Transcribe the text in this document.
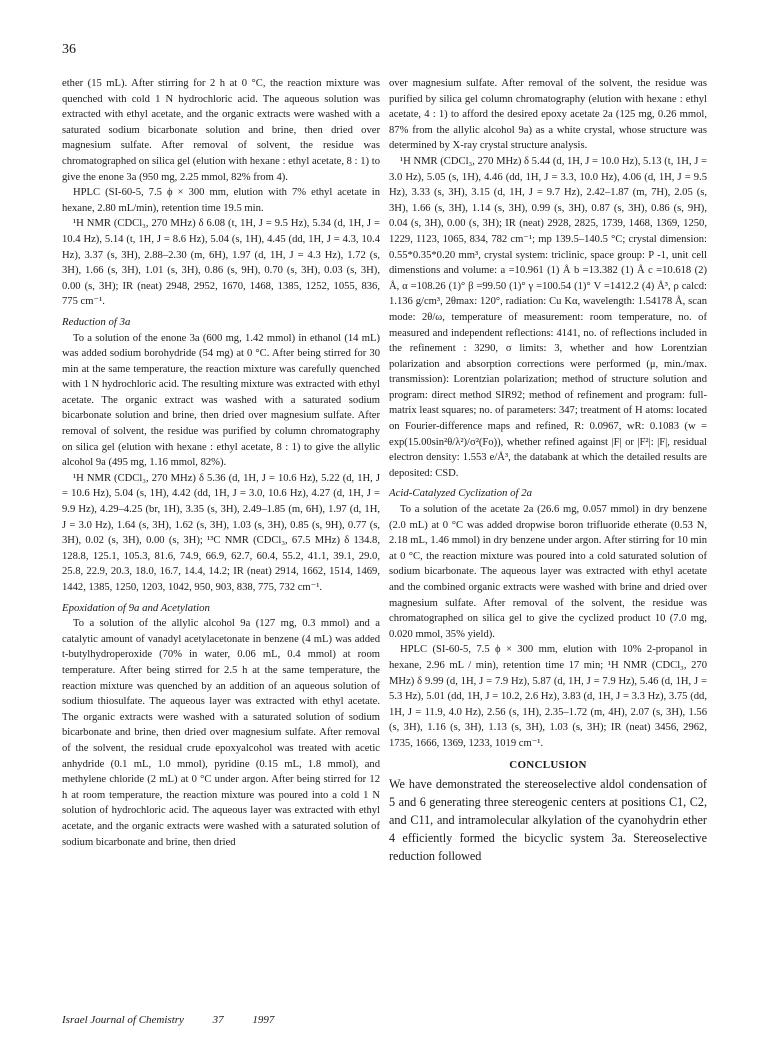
36

ether (15 mL). After stirring for 2 h at 0 °C, the reaction mixture was quenched with cold 1 N hydrochloric acid. The aqueous solution was extracted with ethyl acetate, and the organic extracts were washed with a saturated sodium bicarbonate solution and brine, then dried over magnesium sulfate. After removal of solvent, the residue was chromatographed on silica gel (elution with hexane : ethyl acetate, 8 : 1) to give the enone 3a (950 mg, 2.25 mmol, 82% from 4).

HPLC (SI-60-5, 7.5 ϕ × 300 mm, elution with 7% ethyl acetate in hexane, 2.80 mL/min), retention time 19.5 min.

¹H NMR (CDCl₃, 270 MHz) δ 6.08 (t, 1H, J = 9.5 Hz), 5.34 (d, 1H, J = 10.4 Hz), 5.14 (t, 1H, J = 8.6 Hz), 5.04 (s, 1H), 4.45 (dd, 1H, J = 4.3, 10.4 Hz), 3.37 (s, 3H), 2.88–2.30 (m, 6H), 1.97 (d, 1H, J = 4.3 Hz), 1.72 (s, 3H), 1.66 (s, 3H), 1.01 (s, 3H), 0.86 (s, 9H), 0.70 (s, 3H), 0.03 (s, 3H), 0.00 (s, 3H); IR (neat) 2948, 2952, 1670, 1468, 1385, 1252, 1055, 836, 775 cm⁻¹.

Reduction of 3a

To a solution of the enone 3a (600 mg, 1.42 mmol) in ethanol (14 mL) was added sodium borohydride (54 mg) at 0 °C. After being stirred for 30 min at the same temperature, the reaction mixture was carefully quenched with 1 N hydrochloric acid. The resulting mixture was extracted with ethyl acetate. The organic extract was washed with a saturated sodium bicarbonate solution and brine, then dried over magnesium sulfate. After removal of solvent, the residue was purified by column chromatography on silica gel (elution with hexane : ethyl acetate, 8 : 1) to give the allylic alcohol 9a (495 mg, 1.16 mmol, 82%).

¹H NMR (CDCl₃, 270 MHz) δ 5.36 (d, 1H, J = 10.6 Hz), 5.22 (d, 1H, J = 10.6 Hz), 5.04 (s, 1H), 4.42 (dd, 1H, J = 3.0, 10.6 Hz), 4.27 (d, 1H, J = 9.9 Hz), 4.29–4.25 (br, 1H), 3.35 (s, 3H), 2.49–1.85 (m, 6H), 1.97 (d, 1H, J = 3.0 Hz), 1.64 (s, 3H), 1.62 (s, 3H), 1.03 (s, 3H), 0.85 (s, 9H), 0.77 (s, 3H), 0.02 (s, 3H), 0.00 (s, 3H); ¹³C NMR (CDCl₃, 67.5 MHz) δ 134.8, 128.8, 125.1, 105.3, 81.6, 74.9, 66.9, 62.7, 60.4, 55.2, 41.1, 39.1, 29.0, 25.8, 22.9, 20.3, 18.0, 16.7, 14.4, 14.2; IR (neat) 2914, 1662, 1514, 1469, 1442, 1385, 1250, 1203, 1042, 950, 903, 838, 775, 732 cm⁻¹.

Epoxidation of 9a and Acetylation

To a solution of the allylic alcohol 9a (127 mg, 0.3 mmol) and a catalytic amount of vanadyl acetylacetonate in benzene (4 mL) was added t-butylhydroperoxide (70% in water, 0.06 mL, 0.4 mmol) at room temperature. After being stirred for 2.5 h at the same temperature, the reaction mixture was quenched by an addition of an aqueous solution of sodium thiosulfate. The aqueous layer was extracted with ethyl acetate. The organic extracts were washed with a saturated solution of sodium bicarbonate and brine, then dried over magnesium sulfate. After removal of the solvent, the residual crude epoxyalcohol was treated with acetic anhydride (0.1 mL, 1.0 mmol), pyridine (0.15 mL, 1.8 mmol), and methylene chloride (2 mL) at 0 °C under argon. After being stirred for 12 h at room temperature, the reaction mixture was poured into a cold 1 N solution of hydrochloric acid. The aqueous layer was extracted with ethyl acetate, and the organic extracts were washed with a saturated solution of sodium bicarbonate and brine, then dried

over magnesium sulfate. After removal of the solvent, the residue was purified by silica gel column chromatography (elution with hexane : ethyl acetate, 4 : 1) to afford the desired epoxy acetate 2a (125 mg, 0.26 mmol, 87% from the allylic alcohol 9a) as a white crystal, whose structure was determined by X-ray crystal structure analysis.

¹H NMR (CDCl₃, 270 MHz) δ 5.44 (d, 1H, J = 10.0 Hz), 5.13 (t, 1H, J = 3.0 Hz), 5.05 (s, 1H), 4.46 (dd, 1H, J = 3.3, 10.0 Hz), 4.06 (d, 1H, J = 9.5 Hz), 3.33 (s, 3H), 3.15 (d, 1H, J = 9.7 Hz), 2.42–1.87 (m, 7H), 2.05 (s, 3H), 1.66 (s, 3H), 1.14 (s, 3H), 0.99 (s, 3H), 0.87 (s, 3H), 0.86 (s, 9H), 0.04 (s, 3H), 0.00 (s, 3H); IR (neat) 2928, 2825, 1739, 1468, 1369, 1250, 1229, 1123, 1065, 834, 782 cm⁻¹; mp 139.5–140.5 °C; crystal dimension: 0.55*0.35*0.20 mm³, crystal system: triclinic, space group: P -1, unit cell dimenstions and volume: a =10.961 (1) Å b =13.382 (1) Å c =10.618 (2) Å, α =108.26 (1)° β =99.50 (1)° γ =100.54 (1)° V =1412.2 (4) Å³, ρ calcd: 1.136 g/cm³, 2θmax: 120°, radiation: Cu Kα, wavelength: 1.54178 Å, scan mode: 2θ/ω, temperature of measurement: room temperature, no. of measured and independent reflections: 4141, no. of reflections included in the refinement : 3290, σ limits: 3, whether and how Lorentzian polarization and absorption corrections were performed (μ, min./max. transmission): Lorentzian polarization; method of structure solution and program: direct method SIR92; method of refinement and program: full-matrix least squares; no. of parameters: 347; treatment of H atoms: located on Fourier-difference maps and refined, R: 0.0967, wR: 0.1083 (w = exp(15.00sin²θ/λ²)/σ²(Fo)), whether refined against |F| or |F²|: |F|, residual electron density: 1.553 e/Å³, the databank at which the detailed results are deposited: CSD.

Acid-Catalyzed Cyclization of 2a

To a solution of the acetate 2a (26.6 mg, 0.057 mmol) in dry benzene (2.0 mL) at 0 °C was added dropwise boron trifluoride etherate (0.53 N, 2.18 mL, 1.46 mmol) in dry benzene under argon. After stirring for 10 min at 0 °C, the reaction mixture was poured into a cold saturated solution of sodium bicarbonate. The aqueous layer was extracted with ethyl acetate and the combined organic extracts were washed with brine and dried over magnesium sulfate. After removal of the solvent, the residue was chromatographed on silica gel to give the cyclized product 10 (7.0 mg, 0.020 mmol, 35% yield).

HPLC (SI-60-5, 7.5 ϕ × 300 mm, elution with 10% 2-propanol in hexane, 2.96 mL / min), retention time 17 min; ¹H NMR (CDCl₃, 270 MHz) δ 9.99 (d, 1H, J = 7.9 Hz), 5.87 (d, 1H, J = 7.9 Hz), 5.46 (d, 1H, J = 5.3 Hz), 5.01 (dd, 1H, J = 10.2, 2.6 Hz), 3.83 (d, 1H, J = 3.3 Hz), 3.75 (dd, 1H, J = 11.9, 4.0 Hz), 2.56 (s, 1H), 2.35–1.72 (m, 4H), 2.07 (s, 3H), 1.56 (s, 3H), 1.16 (s, 3H), 1.13 (s, 3H), 1.03 (s, 3H); IR (neat) 3456, 2962, 1735, 1666, 1369, 1233, 1019 cm⁻¹.

CONCLUSION

We have demonstrated the stereoselective aldol condensation of 5 and 6 generating three stereogenic centers at positions C1, C2, and C11, and intramolecular alkylation of the cyanohydrin ether 4 efficiently formed the bicyclic system 3a. Stereoselective reduction followed

Israel Journal of Chemistry	37	1997
